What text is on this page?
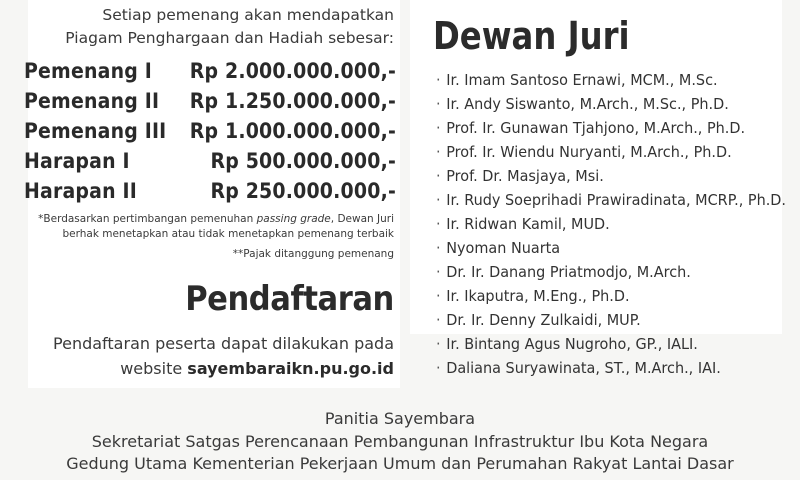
Setiap pemenang akan mendapatkan
Piagam Penghargaan dan Hadiah sebesar:
Pemenang I Rp 2.000.000.000,-
Pemenang II Rp 1.250.000.000,-
Pemenang III Rp 1.000.000.000,-
Harapan I	Rp 500.000.000,-
Harapan II	Rp 250.000.000,-
*Berdasarkan pertimbangan pemenuhan passing grade, Dewan Juri
berhak menetapkan atau tidak menetapkan pemenang terbaik
**Pajak ditanggung pemenang
Pendaftaran
Pendaftaran peserta dapat dilakukan pada
website sayembaraikn.pu.go.id
Dewan Juri
· Ir. Imam Santoso Ernawi, MCM., M.Sc.
· Ir. Andy Siswanto, M.Arch., M.Sc., Ph.D.
· Prof. Ir. Gunawan Tjahjono, M.Arch., Ph.D.
· Prof. Ir. Wiendu Nuryanti, M.Arch., Ph.D.
· Prof. Dr. Masjaya, Msi.
· Ir. Rudy Soeprihadi Prawiradinata, MCRP., Ph.D.
· Ir. Ridwan Kamil, MUD.
· Nyoman Nuarta
· Dr. Ir. Danang Priatmodjo, M.Arch.
· Ir. Ikaputra, M.Eng., Ph.D.
· Dr. Ir. Denny Zulkaidi, MUP.
· Ir. Bintang Agus Nugroho, GP., IALI.
· Daliana Suryawinata, ST., M.Arch., IAI.
Panitia Sayembara
Sekretariat Satgas Perencanaan Pembangunan Infrastruktur Ibu Kota Negara
Gedung Utama Kementerian Pekerjaan Umum dan Perumahan Rakyat Lantai Dasar
